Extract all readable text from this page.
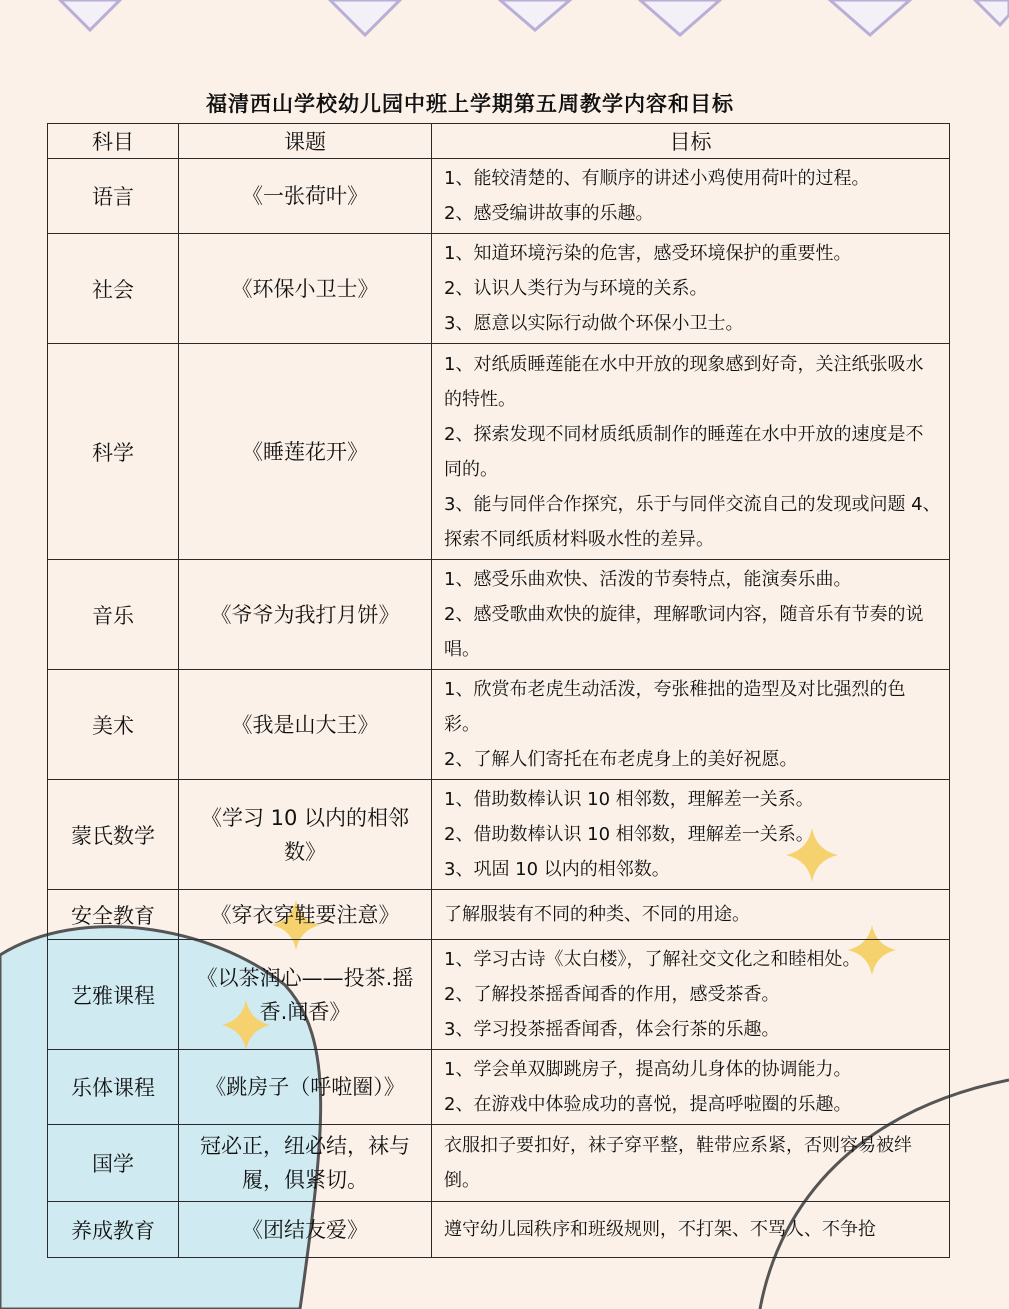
福清西山学校幼儿园中班上学期第五周教学内容和目标
科目	课题	目标
语言	《一张荷叶》	1、能较清楚的、有顺序的讲述小鸡使用荷叶的过程。
2、感受编讲故事的乐趣。

社会	《环保小卫士》	1、知道环境污染的危害，感受环境保护的重要性。
2、认识人类行为与环境的关系。
3、愿意以实际行动做个环保小卫士。

科学	《睡莲花开》	1、对纸质睡莲能在水中开放的现象感到好奇，关注纸张吸水的特性。
2、探索发现不同材质纸质制作的睡莲在水中开放的速度是不同的。
3、能与同伴合作探究，乐于与同伴交流自己的发现或问题 4、探索不同纸质材料吸水性的差异。

音乐	《爷爷为我打月饼》	1、感受乐曲欢快、活泼的节奏特点，能演奏乐曲。
2、感受歌曲欢快的旋律，理解歌词内容，随音乐有节奏的说唱。

美术	《我是山大王》	1、欣赏布老虎生动活泼，夸张稚拙的造型及对比强烈的色彩。
2、了解人们寄托在布老虎身上的美好祝愿。

蒙氏数学	《学习 10 以内的相邻数》	1、借助数棒认识 10 相邻数，理解差一关系。
2、借助数棒认识 10 相邻数，理解差一关系。
3、巩固 10 以内的相邻数。

安全教育	《穿衣穿鞋要注意》	了解服装有不同的种类、不同的用途。

艺雅课程	《以茶润心——投茶.摇香.闻香》	1、学习古诗《太白楼》，了解社交文化之和睦相处。
2、了解投茶摇香闻香的作用，感受茶香。
3、学习投茶摇香闻香，体会行茶的乐趣。

乐体课程	《跳房子（呼啦圈）》	1、学会单双脚跳房子，提高幼儿身体的协调能力。
2、在游戏中体验成功的喜悦，提高呼啦圈的乐趣。

国学	冠必正，纽必结，袜与履，俱紧切。	衣服扣子要扣好，袜子穿平整，鞋带应系紧，否则容易被绊倒。

养成教育	《团结友爱》	遵守幼儿园秩序和班级规则，不打架、不骂人、不争抢
